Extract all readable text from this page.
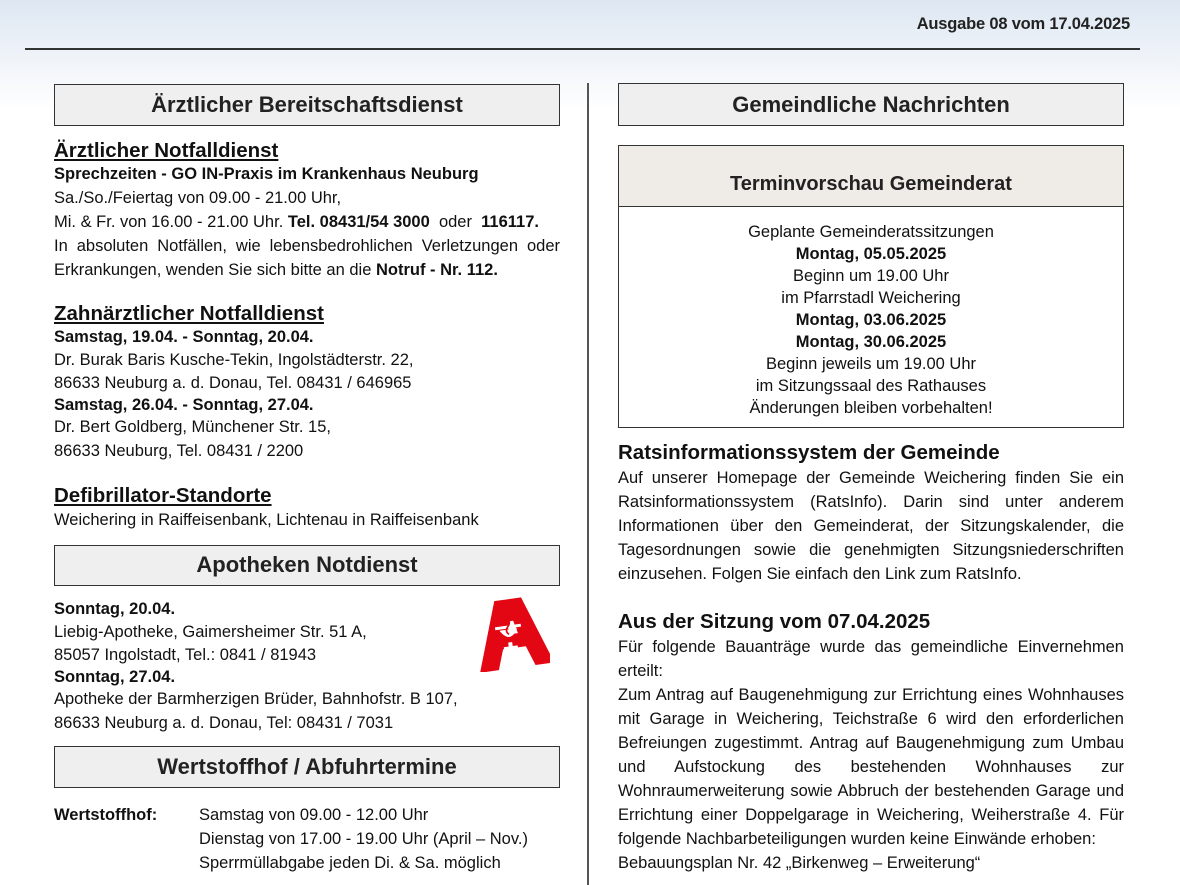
Ausgabe 08 vom 17.04.2025
Ärztlicher Bereitschaftsdienst
Ärztlicher Notfalldienst
Sprechzeiten - GO IN-Praxis im Krankenhaus Neuburg
Sa./So./Feiertag von 09.00 - 21.00 Uhr,
Mi. & Fr. von 16.00 - 21.00 Uhr. Tel. 08431/54 3000  oder  116117.
In absoluten Notfällen, wie lebensbedrohlichen Verletzungen oder Erkrankungen, wenden Sie sich bitte an die Notruf - Nr. 112.
Zahnärztlicher Notfalldienst
Samstag, 19.04. - Sonntag, 20.04.
Dr. Burak Baris Kusche-Tekin, Ingolstädterstr. 22,
86633 Neuburg a. d. Donau, Tel. 08431 / 646965
Samstag, 26.04. - Sonntag, 27.04.
Dr. Bert Goldberg, Münchener Str. 15,
86633 Neuburg, Tel. 08431 / 2200
Defibrillator-Standorte
Weichering in Raiffeisenbank, Lichtenau in Raiffeisenbank
Apotheken Notdienst
Sonntag, 20.04.
Liebig-Apotheke, Gaimersheimer Str. 51 A,
85057 Ingolstadt, Tel.: 0841 / 81943
Sonntag, 27.04.
Apotheke der Barmherzigen Brüder, Bahnhofstr. B 107,
86633 Neuburg a. d. Donau, Tel: 08431 / 7031
Wertstoffhof / Abfuhrtermine
Wertstoffhof:	Samstag von 09.00 - 12.00 Uhr
Dienstag von 17.00 - 19.00 Uhr (April – Nov.)
Sperrmüllabgabe jeden Di. & Sa. möglich
Gemeindliche Nachrichten
Terminvorschau Gemeinderat
Geplante Gemeinderatssitzungen
Montag, 05.05.2025
Beginn um 19.00 Uhr
im Pfarrstadl Weichering
Montag, 03.06.2025
Montag, 30.06.2025
Beginn jeweils um 19.00 Uhr
im Sitzungssaal des Rathauses
Änderungen bleiben vorbehalten!
Ratsinformationssystem der Gemeinde
Auf unserer Homepage der Gemeinde Weichering finden Sie ein Ratsinformationssystem (RatsInfo). Darin sind unter anderem Informationen über den Gemeinderat, der Sitzungskalender, die Tagesordnungen sowie die genehmigten Sitzungsniederschriften einzusehen. Folgen Sie einfach den Link zum RatsInfo.
Aus der Sitzung vom 07.04.2025
Für folgende Bauanträge wurde das gemeindliche Einvernehmen erteilt:
Zum Antrag auf Baugenehmigung zur Errichtung eines Wohnhauses mit Garage in Weichering, Teichstraße 6 wird den erforderlichen Befreiungen zugestimmt. Antrag auf Baugenehmigung zum Umbau und Aufstockung des bestehenden Wohnhauses zur Wohnraumerweiterung sowie Abbruch der bestehenden Garage und Errichtung einer Doppelgarage in Weichering, Weiherstraße 4. Für folgende Nachbarbeteiligungen wurden keine Einwände erhoben:
Bebauungsplan Nr. 42 „Birkenweg – Erweiterung“
